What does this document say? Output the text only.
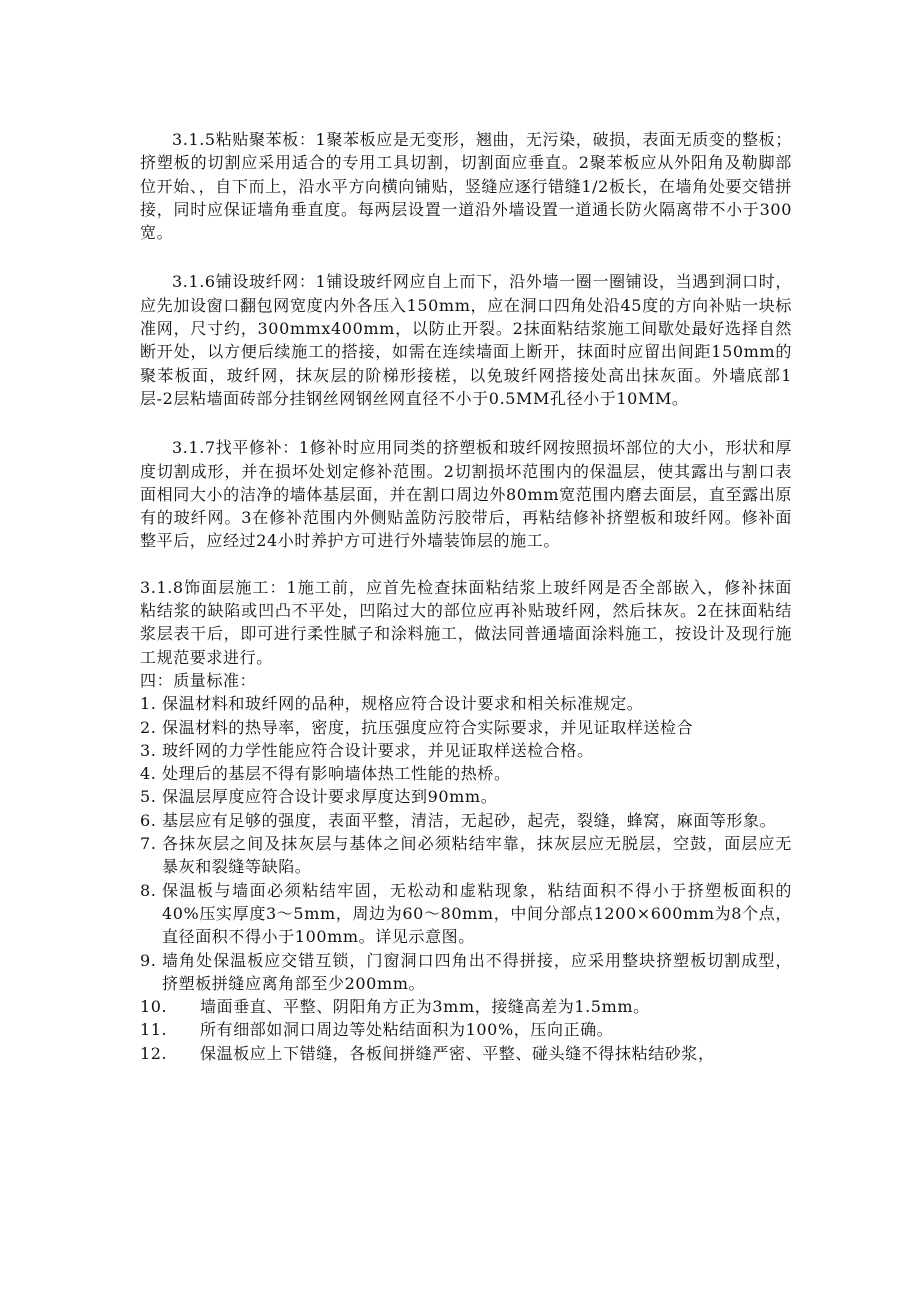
3.1.5粘贴聚苯板：1聚苯板应是无变形，翘曲，无污染，破损，表面无质变的整板；挤塑板的切割应采用适合的专用工具切割，切割面应垂直。2聚苯板应从外阳角及勒脚部位开始、，自下而上，沿水平方向横向铺贴，竖缝应逐行错缝1/2板长，在墙角处要交错拼接，同时应保证墙角垂直度。每两层设置一道沿外墙设置一道通长防火隔离带不小于300宽。

3.1.6铺设玻纤网：1铺设玻纤网应自上而下，沿外墙一圈一圈铺设，当遇到洞口时，应先加设窗口翻包网宽度内外各压入150mm，应在洞口四角处沿45度的方向补贴一块标准网，尺寸约，300mmx400mm，以防止开裂。2抹面粘结浆施工间歇处最好选择自然断开处，以方便后续施工的搭接，如需在连续墙面上断开，抹面时应留出间距150mm的聚苯板面，玻纤网，抹灰层的阶梯形接槎，以免玻纤网搭接处高出抹灰面。外墙底部1层-2层粘墙面砖部分挂钢丝网钢丝网直径不小于0.5MM孔径小于10MM。

3.1.7找平修补：1修补时应用同类的挤塑板和玻纤网按照损坏部位的大小，形状和厚度切割成形，并在损坏处划定修补范围。2切割损坏范围内的保温层，使其露出与割口表面相同大小的洁净的墙体基层面，并在割口周边外80mm宽范围内磨去面层，直至露出原有的玻纤网。3在修补范围内外侧贴盖防污胶带后，再粘结修补挤塑板和玻纤网。修补面整平后，应经过24小时养护方可进行外墙装饰层的施工。

3.1.8饰面层施工：1施工前，应首先检查抹面粘结浆上玻纤网是否全部嵌入，修补抹面粘结浆的缺陷或凹凸不平处，凹陷过大的部位应再补贴玻纤网，然后抹灰。2在抹面粘结浆层表干后，即可进行柔性腻子和涂料施工，做法同普通墙面涂料施工，按设计及现行施工规范要求进行。

四：质量标准：

1. 保温材料和玻纤网的品种，规格应符合设计要求和相关标准规定。
2. 保温材料的热导率，密度，抗压强度应符合实际要求，并见证取样送检合
3. 玻纤网的力学性能应符合设计要求，并见证取样送检合格。
4. 处理后的基层不得有影响墙体热工性能的热桥。
5. 保温层厚度应符合设计要求厚度达到90mm。
6. 基层应有足够的强度，表面平整，清洁，无起砂，起壳，裂缝，蜂窝，麻面等形象。
7. 各抹灰层之间及抹灰层与基体之间必须粘结牢靠，抹灰层应无脱层，空鼓，面层应无暴灰和裂缝等缺陷。
8. 保温板与墙面必须粘结牢固，无松动和虚粘现象，粘结面积不得小于挤塑板面积的40%压实厚度3～5mm，周边为60～80mm，中间分部点1200×600mm为8个点，直径面积不得小于100mm。详见示意图。
9. 墙角处保温板应交错互锁，门窗洞口四角出不得拼接，应采用整块挤塑板切割成型，挤塑板拼缝应离角部至少200mm。
10.	墙面垂直、平整、阴阳角方正为3mm，接缝高差为1.5mm。
11.	所有细部如洞口周边等处粘结面积为100%，压向正确。
12.	保温板应上下错缝，各板间拼缝严密、平整、碰头缝不得抹粘结砂浆，
